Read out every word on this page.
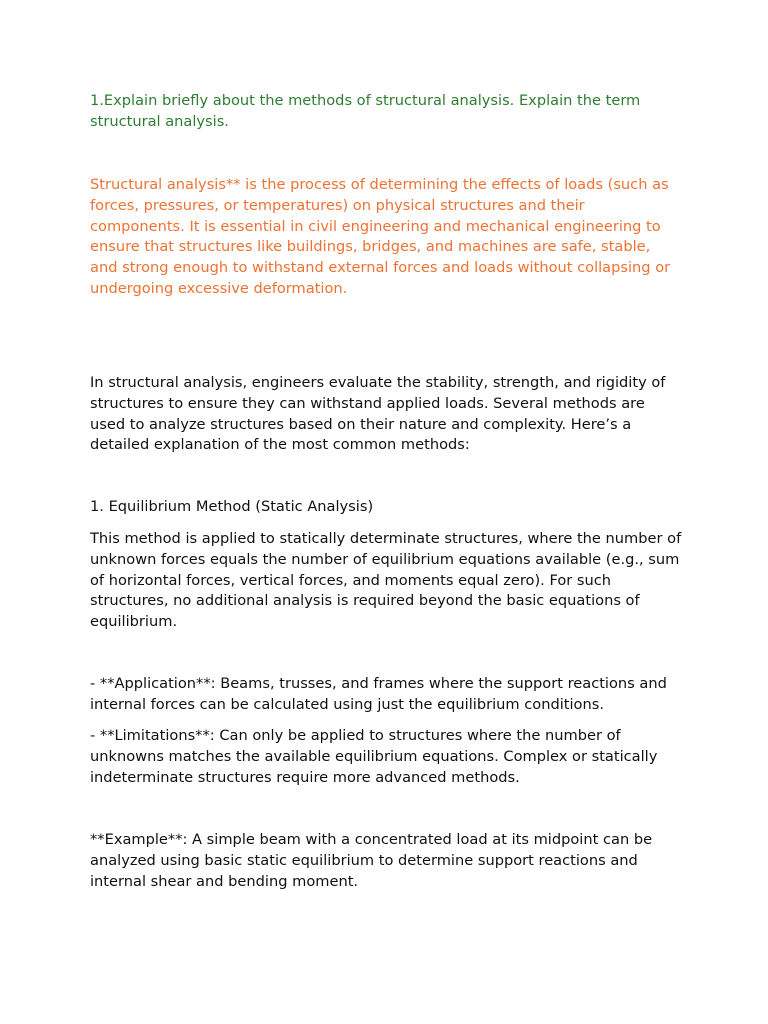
1.Explain briefly about the methods of structural analysis. Explain the term structural analysis.

Structural analysis** is the process of determining the effects of loads (such as forces, pressures, or temperatures) on physical structures and their components. It is essential in civil engineering and mechanical engineering to ensure that structures like buildings, bridges, and machines are safe, stable, and strong enough to withstand external forces and loads without collapsing or undergoing excessive deformation.

In structural analysis, engineers evaluate the stability, strength, and rigidity of structures to ensure they can withstand applied loads. Several methods are used to analyze structures based on their nature and complexity. Here’s a detailed explanation of the most common methods:

1. Equilibrium Method (Static Analysis)

This method is applied to statically determinate structures, where the number of unknown forces equals the number of equilibrium equations available (e.g., sum of horizontal forces, vertical forces, and moments equal zero). For such structures, no additional analysis is required beyond the basic equations of equilibrium.

- **Application**: Beams, trusses, and frames where the support reactions and internal forces can be calculated using just the equilibrium conditions.

- **Limitations**: Can only be applied to structures where the number of unknowns matches the available equilibrium equations. Complex or statically indeterminate structures require more advanced methods.

**Example**: A simple beam with a concentrated load at its midpoint can be analyzed using basic static equilibrium to determine support reactions and internal shear and bending moment.
